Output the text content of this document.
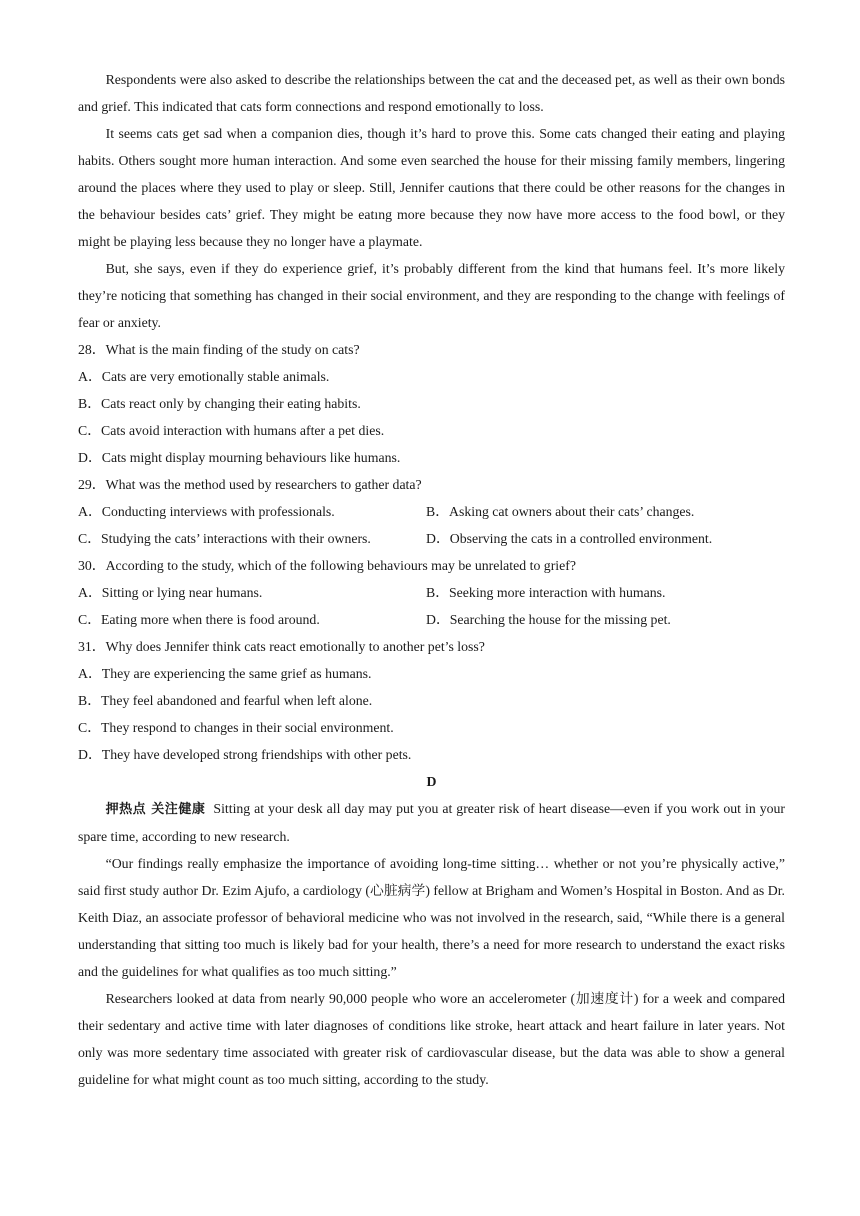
Respondents were also asked to describe the relationships between the cat and the deceased pet, as well as their own bonds and grief. This indicated that cats form connections and respond emotionally to loss.

It seems cats get sad when a companion dies, though it’s hard to prove this. Some cats changed their eating and playing habits. Others sought more human interaction. And some even searched the house for their missing family members, lingering around the places where they used to play or sleep. Still, Jennifer cautions that there could be other reasons for the changes in the behaviour besides cats’ grief. They might be eatıng more because they now have more access to the food bowl, or they might be playing less because they no longer have a playmate.

But, she says, even if they do experience grief, it’s probably different from the kind that humans feel. It’s more likely they’re noticing that something has changed in their social environment, and they are responding to the change with feelings of fear or anxiety.

28．What is the main finding of the study on cats?

A．Cats are very emotionally stable animals.

B．Cats react only by changing their eating habits.

C．Cats avoid interaction with humans after a pet dies.

D．Cats might display mourning behaviours like humans.

29．What was the method used by researchers to gather data?

A．Conducting interviews with professionals.	B．Asking cat owners about their cats’ changes.
C．Studying the cats’ interactions with their owners.	D．Observing the cats in a controlled environment.

30．According to the study, which of the following behaviours may be unrelated to grief?

A．Sitting or lying near humans.	B．Seeking more interaction with humans.
C．Eating more when there is food around.	D．Searching the house for the missing pet.

31．Why does Jennifer think cats react emotionally to another pet’s loss?

A．They are experiencing the same grief as humans.

B．They feel abandoned and fearful when left alone.

C．They respond to changes in their social environment.

D．They have developed strong friendships with other pets.

D

押热点 关注健康 Sitting at your desk all day may put you at greater risk of heart disease—even if you work out in your spare time, according to new research.

“Our findings really emphasize the importance of avoiding long-time sitting… whether or not you’re physically active,” said first study author Dr. Ezim Ajufo, a cardiology (心脏病学) fellow at Brigham and Women’s Hospital in Boston. And as Dr. Keith Diaz, an associate professor of behavioral medicine who was not involved in the research, said, “While there is a general understanding that sitting too much is likely bad for your health, there’s a need for more research to understand the exact risks and the guidelines for what qualifies as too much sitting.”

Researchers looked at data from nearly 90,000 people who wore an accelerometer (加速度计) for a week and compared their sedentary and active time with later diagnoses of conditions like stroke, heart attack and heart failure in later years. Not only was more sedentary time associated with greater risk of cardiovascular disease, but the data was able to show a general guideline for what might count as too much sitting, according to the study.
